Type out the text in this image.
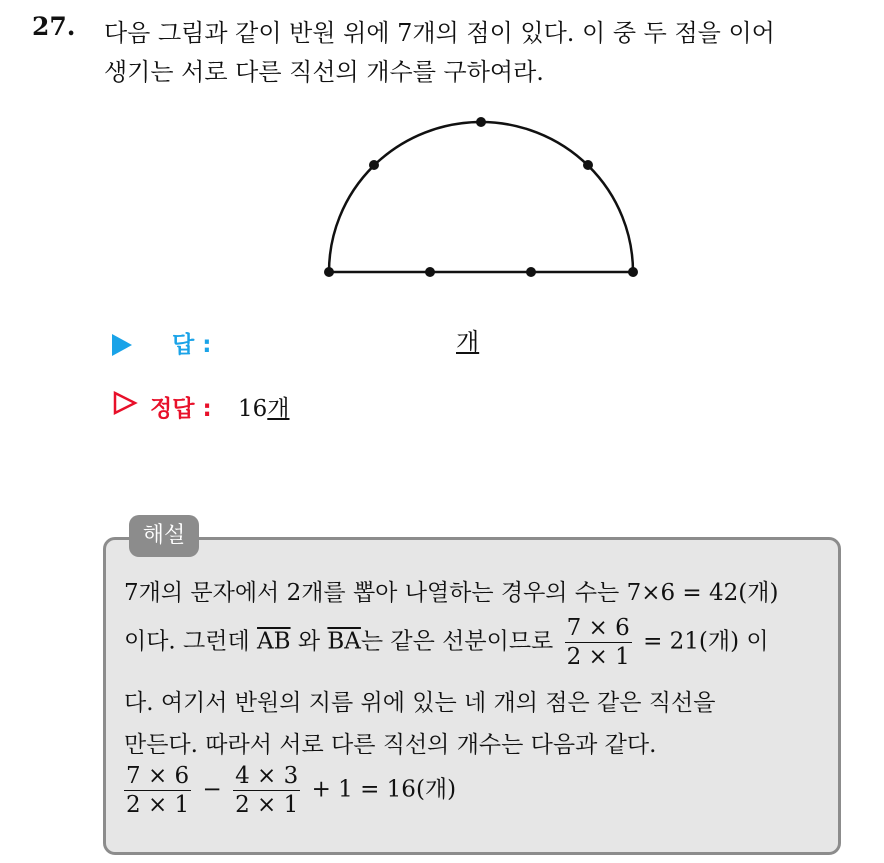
27. 다음 그림과 같이 반원 위에 7개의 점이 있다. 이 중 두 점을 이어
생기는 서로 다른 직선의 개수를 구하여라.
답 :	개
정답 : 16개
해설
7개의 문자에서 2개를 뽑아 나열하는 경우의 수는 7×6 = 42(개)
이다. 그런데 $\overline{AB}$ 와 $\overline{BA}$는 같은 선분이므로 $\frac{7 \times 6}{2 \times 1} = 21$(개) 이
다. 여기서 반원의 지름 위에 있는 네 개의 점은 같은 직선을
만든다. 따라서 서로 다른 직선의 개수는 다음과 같다.
$\frac{7 \times 6}{2 \times 1} - \frac{4 \times 3}{2 \times 1} + 1 = 16$(개)
